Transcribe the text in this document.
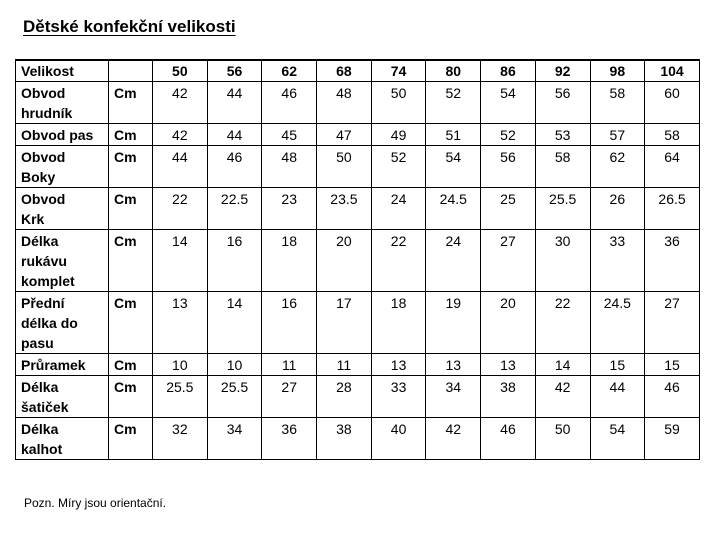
Dětské konfekční velikosti
Velikost		50	56	62	68	74	80	86	92	98	104

Obvod
hrudník	Cm	42	44	46	48	50	52	54	56	58	60

Obvod pas	Cm	42	44	45	47	49	51	52	53	57	58

Obvod
Boky	Cm	44	46	48	50	52	54	56	58	62	64

Obvod
Krk	Cm	22	22.5	23	23.5	24	24.5	25	25.5	26	26.5

Délka
rukávu
komplet	Cm	14	16	18	20	22	24	27	30	33	36

Přední
délka do
pasu	Cm	13	14	16	17	18	19	20	22	24.5	27

Průramek	Cm	10	10	11	11	13	13	13	14	15	15

Délka
šatiček	Cm	25.5	25.5	27	28	33	34	38	42	44	46

Délka
kalhot	Cm	32	34	36	38	40	42	46	50	54	59
Pozn. Míry jsou orientační.
